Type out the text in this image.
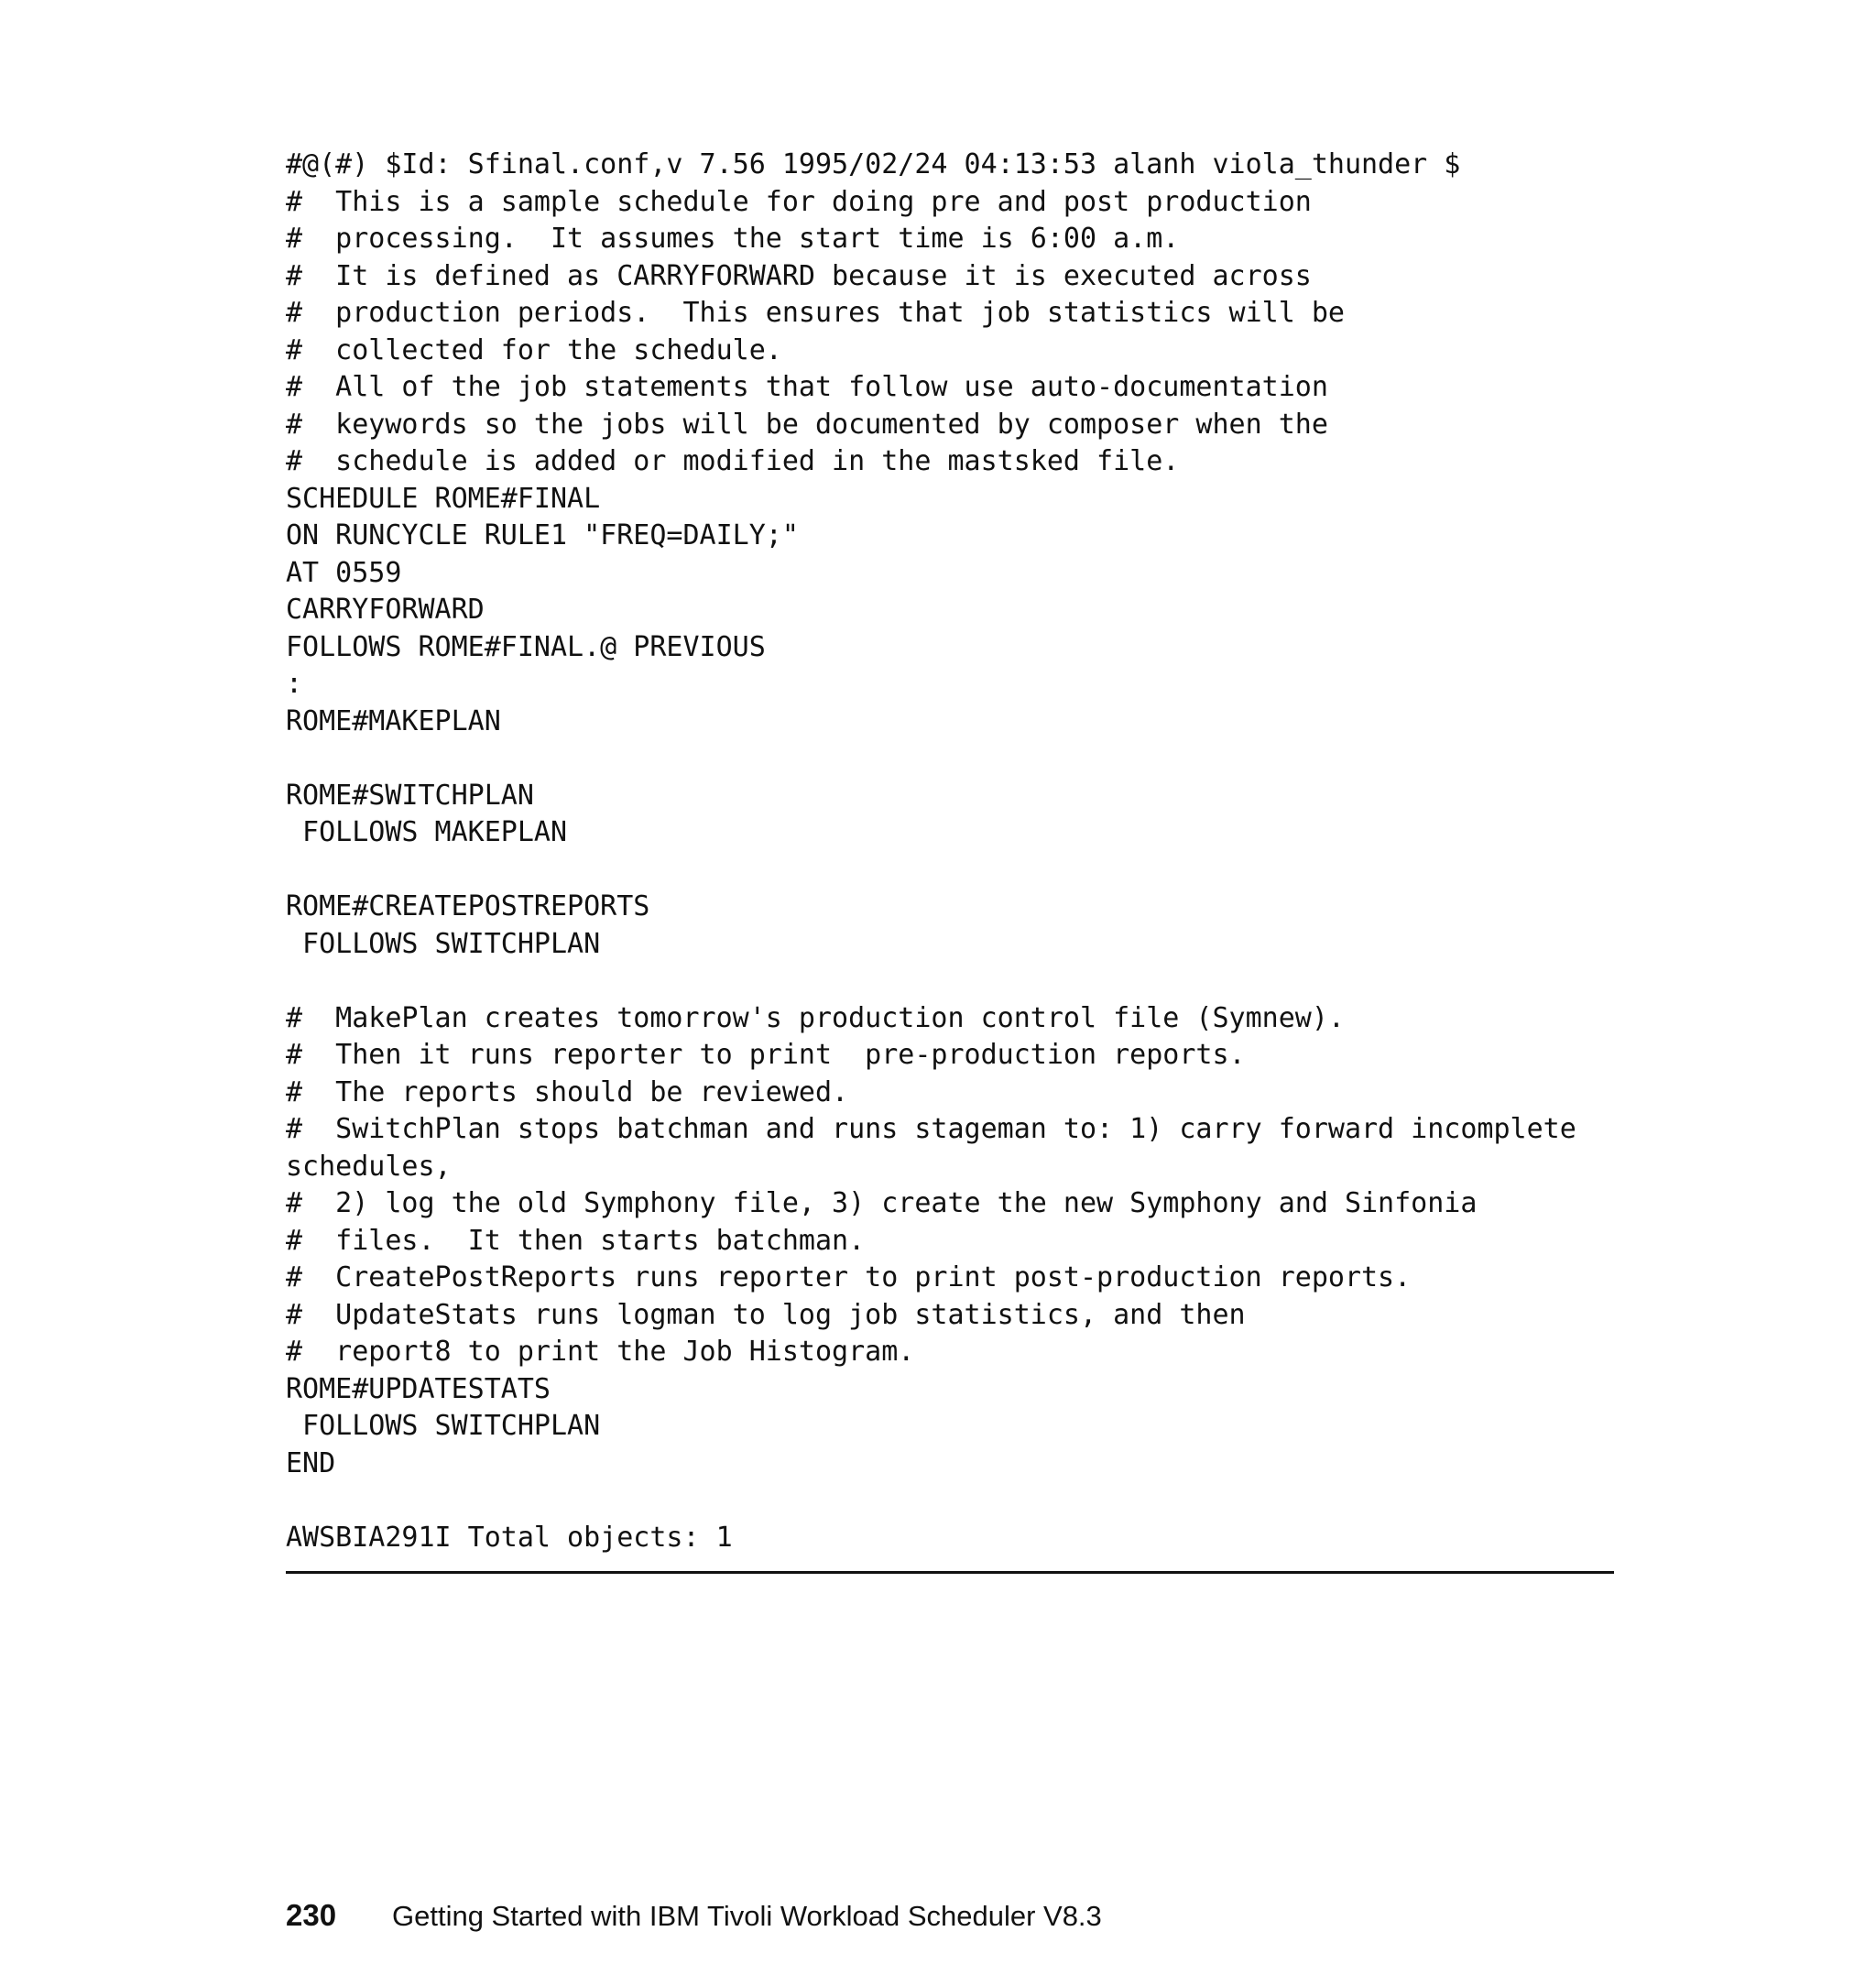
#@(#) $Id: Sfinal.conf,v 7.56 1995/02/24 04:13:53 alanh viola_thunder $
#  This is a sample schedule for doing pre and post production
#  processing.  It assumes the start time is 6:00 a.m.
#  It is defined as CARRYFORWARD because it is executed across
#  production periods.  This ensures that job statistics will be
#  collected for the schedule.
#  All of the job statements that follow use auto-documentation
#  keywords so the jobs will be documented by composer when the
#  schedule is added or modified in the mastsked file.
SCHEDULE ROME#FINAL
ON RUNCYCLE RULE1 "FREQ=DAILY;"
AT 0559
CARRYFORWARD
FOLLOWS ROME#FINAL.@ PREVIOUS
:
ROME#MAKEPLAN
ROME#SWITCHPLAN
FOLLOWS MAKEPLAN
ROME#CREATEPOSTREPORTS
FOLLOWS SWITCHPLAN
#  MakePlan creates tomorrow's production control file (Symnew).
#  Then it runs reporter to print  pre-production reports.
#  The reports should be reviewed.
#  SwitchPlan stops batchman and runs stageman to: 1) carry forward incomplete
schedules,
#  2) log the old Symphony file, 3) create the new Symphony and Sinfonia
#  files.  It then starts batchman.
#  CreatePostReports runs reporter to print post-production reports.
#  UpdateStats runs logman to log job statistics, and then
#  report8 to print the Job Histogram.
ROME#UPDATESTATS
FOLLOWS SWITCHPLAN
END
AWSBIA291I Total objects: 1
230 Getting Started with IBM Tivoli Workload Scheduler V8.3
